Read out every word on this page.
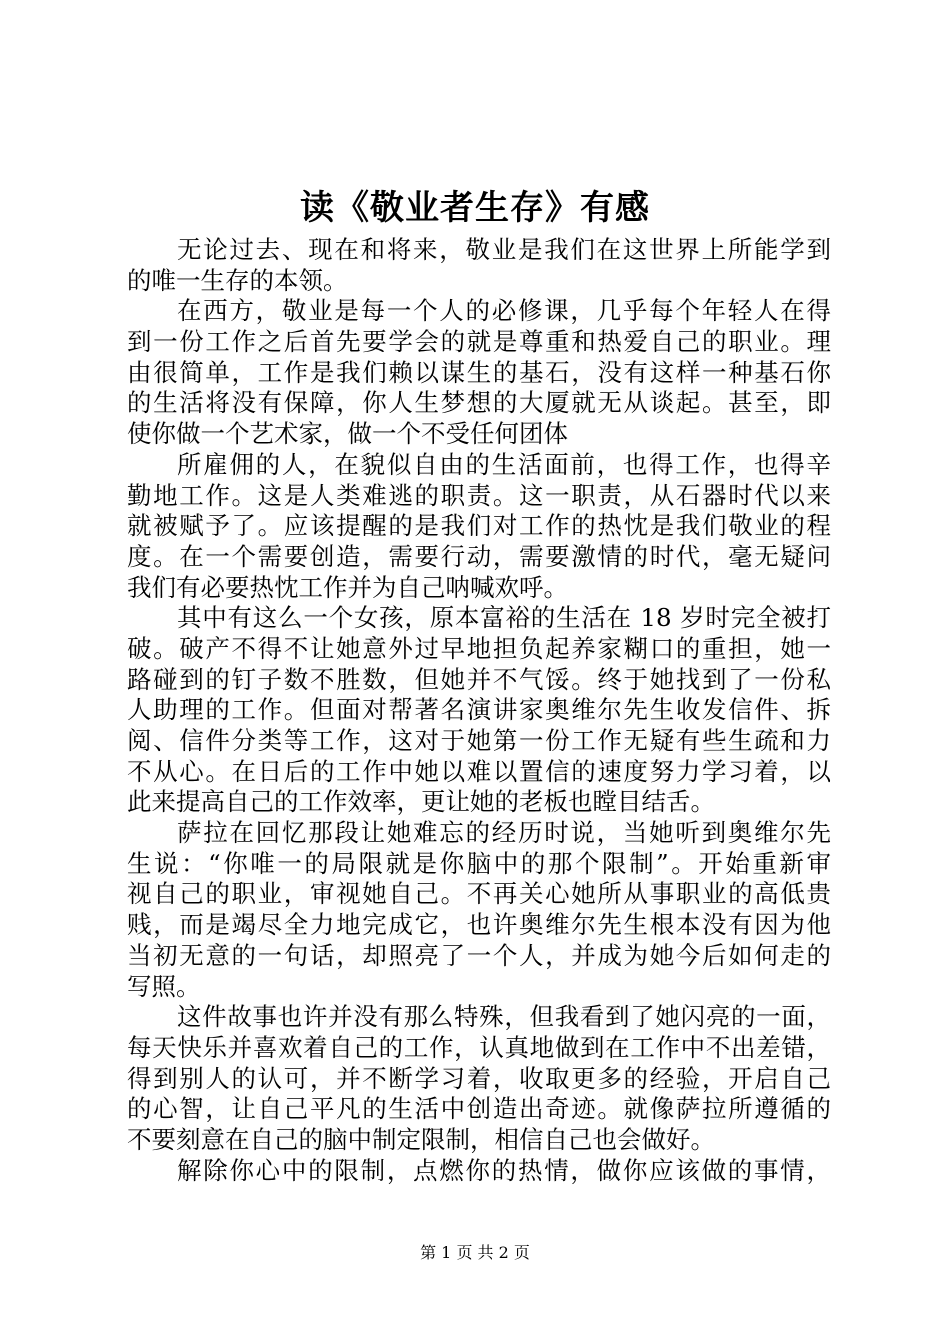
读《敬业者生存》有感
无论过去、现在和将来，敬业是我们在这世界上所能学到
的唯一生存的本领。
在西方，敬业是每一个人的必修课，几乎每个年轻人在得
到一份工作之后首先要学会的就是尊重和热爱自己的职业。理
由很简单，工作是我们赖以谋生的基石，没有这样一种基石你
的生活将没有保障，你人生梦想的大厦就无从谈起。甚至，即
使你做一个艺术家，做一个不受任何团体
所雇佣的人，在貌似自由的生活面前，也得工作，也得辛
勤地工作。这是人类难逃的职责。这一职责，从石器时代以来
就被赋予了。应该提醒的是我们对工作的热忱是我们敬业的程
度。在一个需要创造，需要行动，需要激情的时代，毫无疑问
我们有必要热忱工作并为自己呐喊欢呼。
其中有这么一个女孩，原本富裕的生活在 18 岁时完全被打
破。破产不得不让她意外过早地担负起养家糊口的重担，她一
路碰到的钉子数不胜数，但她并不气馁。终于她找到了一份私
人助理的工作。但面对帮著名演讲家奥维尔先生收发信件、拆
阅、信件分类等工作，这对于她第一份工作无疑有些生疏和力
不从心。在日后的工作中她以难以置信的速度努力学习着，以
此来提高自己的工作效率，更让她的老板也瞠目结舌。
萨拉在回忆那段让她难忘的经历时说，当她听到奥维尔先
生说：“你唯一的局限就是你脑中的那个限制”。开始重新审
视自己的职业，审视她自己。不再关心她所从事职业的高低贵
贱，而是竭尽全力地完成它，也许奥维尔先生根本没有因为他
当初无意的一句话，却照亮了一个人，并成为她今后如何走的
写照。
这件故事也许并没有那么特殊，但我看到了她闪亮的一面，
每天快乐并喜欢着自己的工作，认真地做到在工作中不出差错，
得到别人的认可，并不断学习着，收取更多的经验，开启自己
的心智，让自己平凡的生活中创造出奇迹。就像萨拉所遵循的
不要刻意在自己的脑中制定限制，相信自己也会做好。
解除你心中的限制，点燃你的热情，做你应该做的事情，
第 1 页 共 2 页
